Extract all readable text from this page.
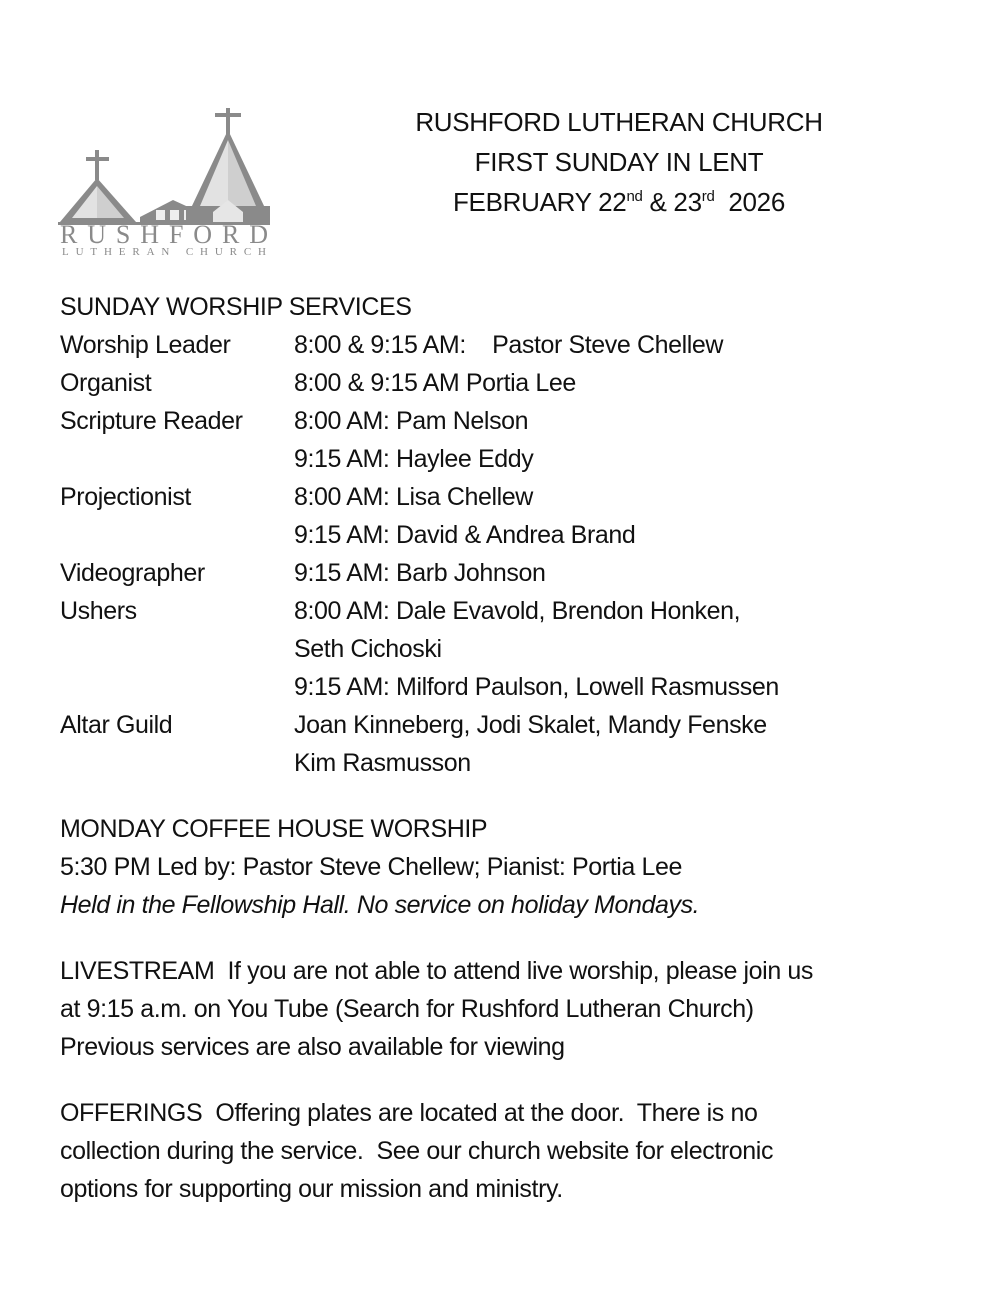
RUSHFORD
LUTHERAN CHURCH
RUSHFORD LUTHERAN CHURCH
FIRST SUNDAY IN LENT
FEBRUARY 22nd & 23rd  2026
SUNDAY WORSHIP SERVICES
Worship Leader	8:00 & 9:15 AM:    Pastor Steve Chellew
Organist	8:00 & 9:15 AM Portia Lee
Scripture Reader	8:00 AM: Pam Nelson
9:15 AM: Haylee Eddy
Projectionist	8:00 AM: Lisa Chellew
9:15 AM: David & Andrea Brand
Videographer	9:15 AM: Barb Johnson
Ushers	8:00 AM: Dale Evavold, Brendon Honken,
Seth Cichoski
9:15 AM: Milford Paulson, Lowell Rasmussen
Altar Guild	Joan Kinneberg, Jodi Skalet, Mandy Fenske
Kim Rasmusson
MONDAY COFFEE HOUSE WORSHIP
5:30 PM Led by: Pastor Steve Chellew; Pianist: Portia Lee
Held in the Fellowship Hall. No service on holiday Mondays.
LIVESTREAM  If you are not able to attend live worship, please join us
at 9:15 a.m. on You Tube (Search for Rushford Lutheran Church)
Previous services are also available for viewing
OFFERINGS  Offering plates are located at the door.  There is no
collection during the service.  See our church website for electronic
options for supporting our mission and ministry.
